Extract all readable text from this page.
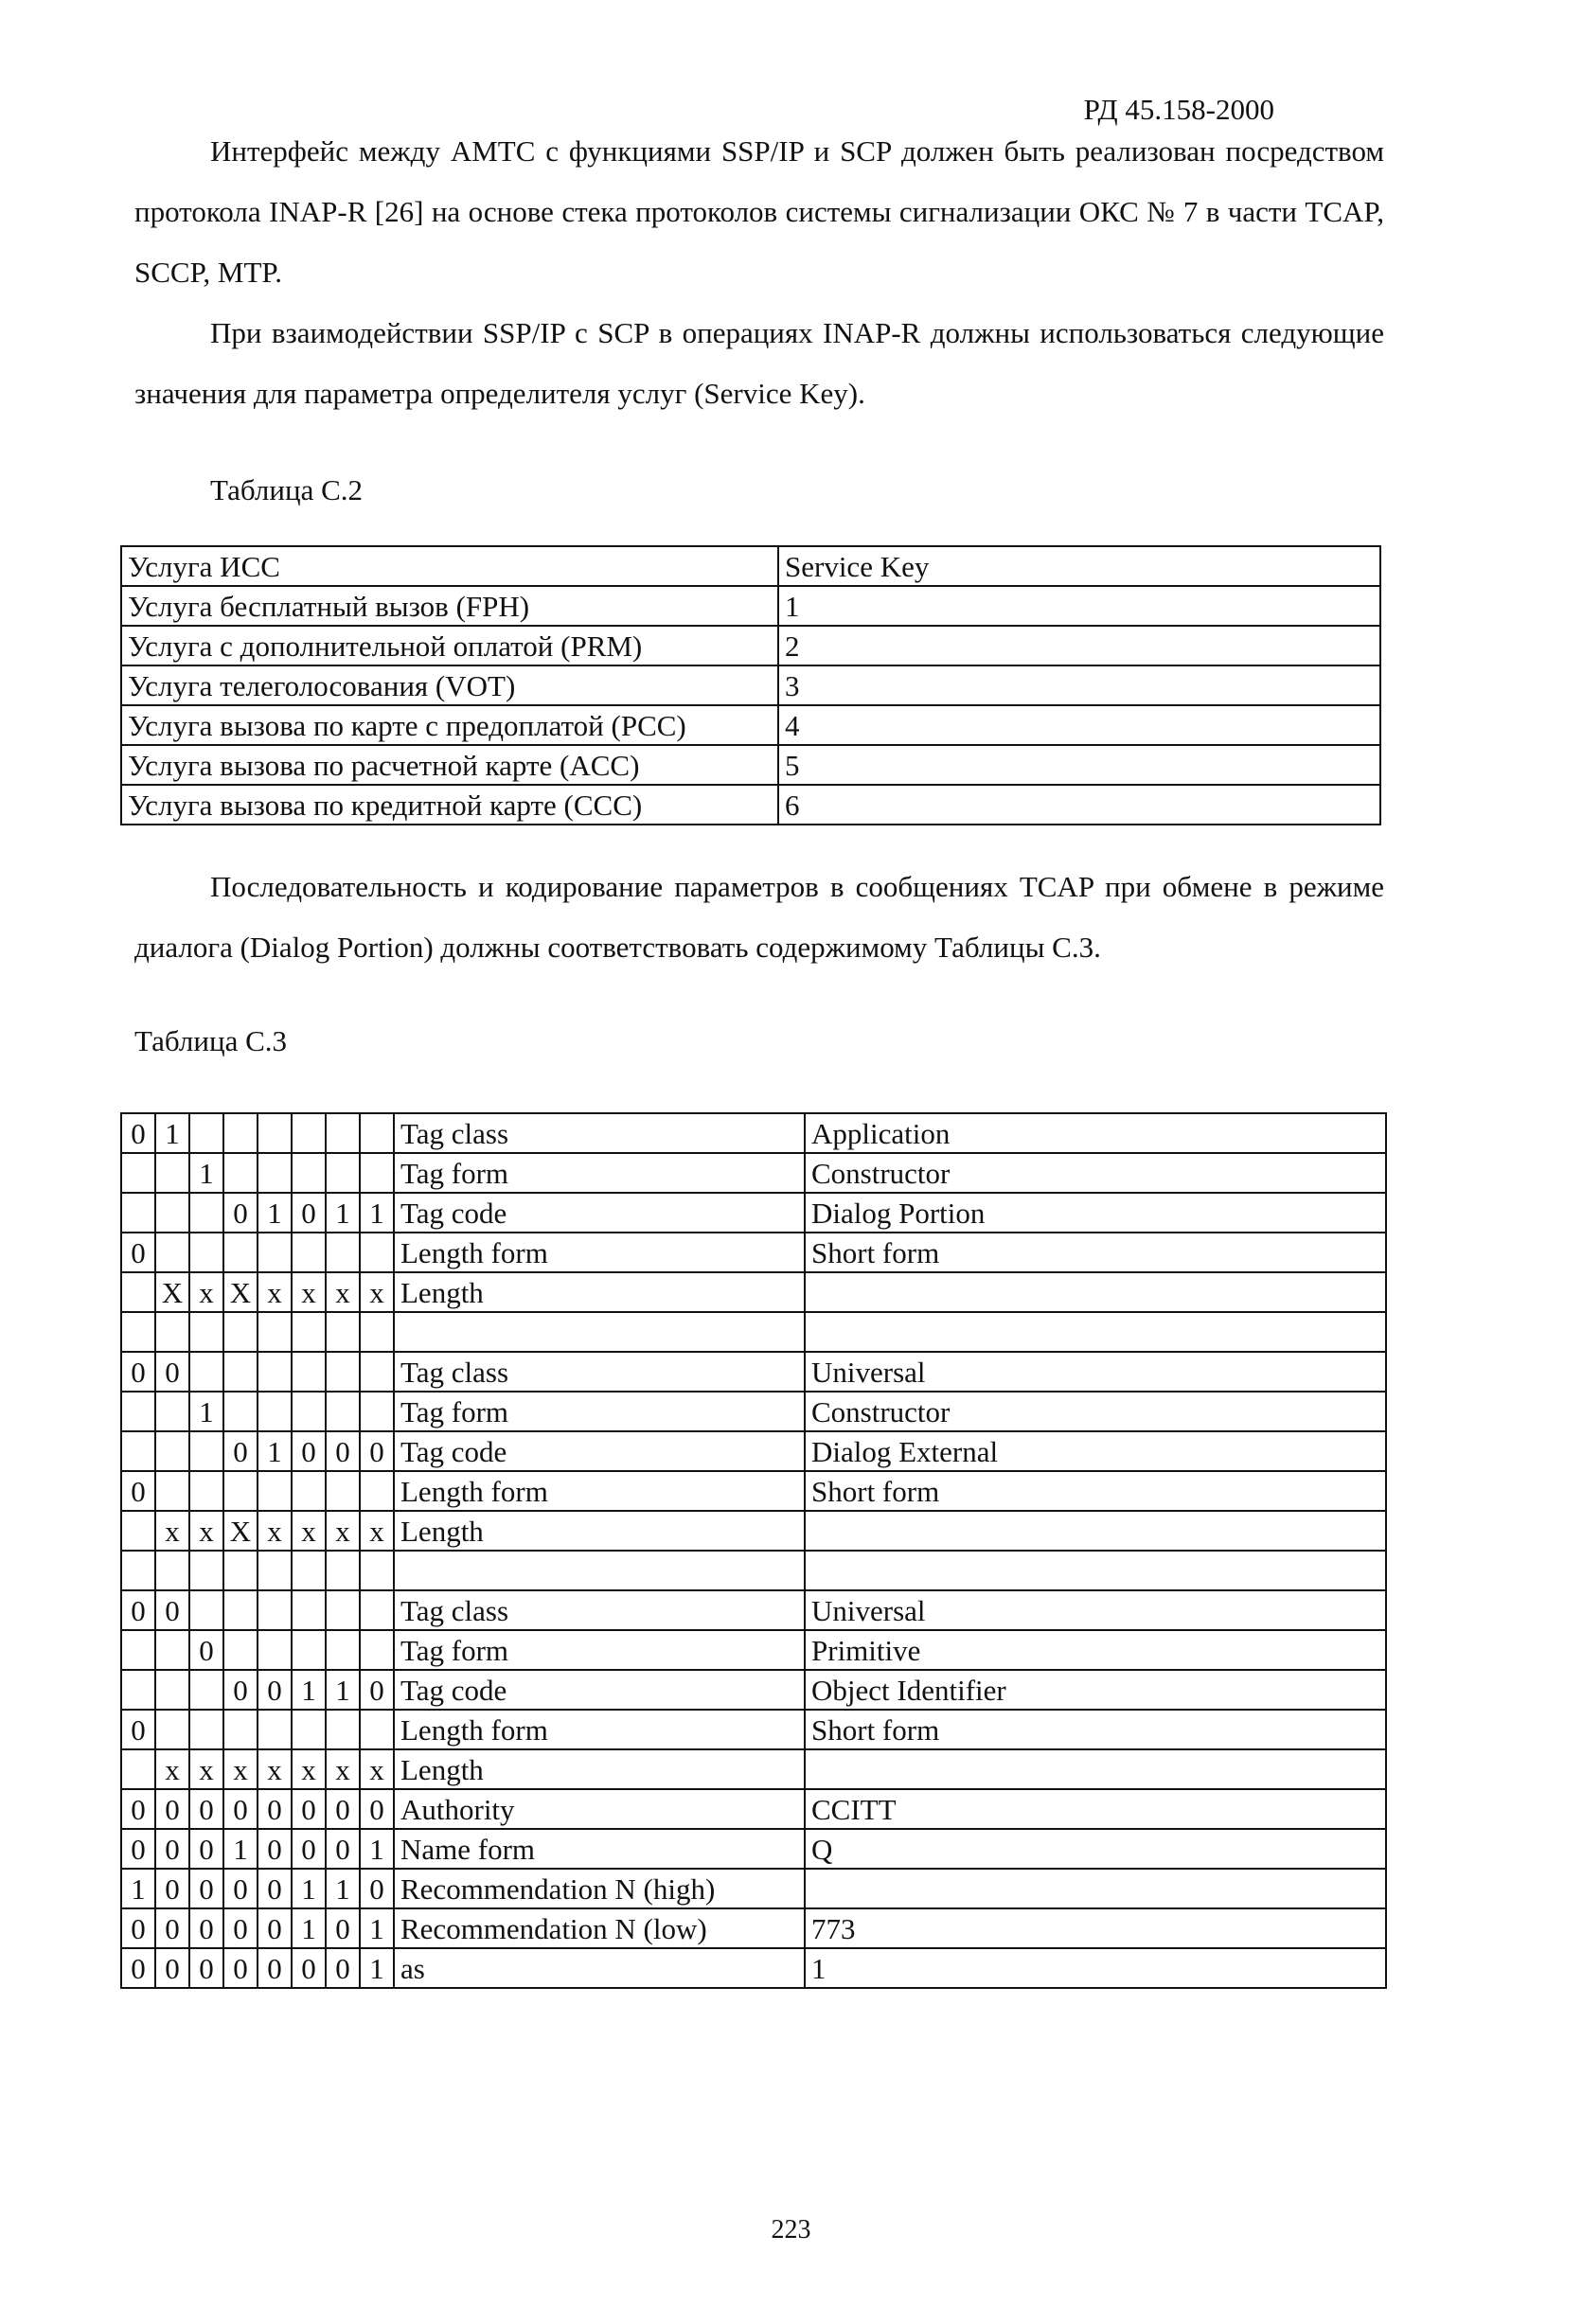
РД 45.158-2000

Интерфейс между АМТС с функциями SSP/IP и SCP должен быть реализован посредством протокола INAP-R [26] на основе стека протоколов системы сигнализации ОКС № 7 в части TCAP, SCCP, MTP.

При взаимодействии SSP/IP с SCP в операциях INAP-R должны использоваться следующие значения для параметра определителя услуг (Service Key).

Таблица С.2

Услуга ИСС	Service Key
Услуга бесплатный вызов (FPH)	1
Услуга с дополнительной оплатой (PRM)	2
Услуга телеголосования (VOT)	3
Услуга вызова по карте с предоплатой (PCC)	4
Услуга вызова по расчетной карте (ACC)	5
Услуга вызова по кредитной карте (CCC)	6

Последовательность и кодирование параметров в сообщениях TCAP при обмене в режиме диалога (Dialog Portion) должны соответствовать содержимому Таблицы С.3.

Таблица С.3

0	1							Tag class	Application
		1						Tag form	Constructor
			0	1	0	1	1	Tag code	Dialog Portion
0								Length form	Short form
	X	x	X	x	x	x	x	Length	

0	0							Tag class	Universal
		1						Tag form	Constructor
			0	1	0	0	0	Tag code	Dialog External
0								Length form	Short form
	x	x	X	x	x	x	x	Length	

0	0							Tag class	Universal
		0						Tag form	Primitive
			0	0	1	1	0	Tag code	Object Identifier
0								Length form	Short form
	x	x	x	x	x	x	x	Length	
0	0	0	0	0	0	0	0	Authority	CCITT
0	0	0	1	0	0	0	1	Name form	Q
1	0	0	0	0	1	1	0	Recommendation N (high)	
0	0	0	0	0	1	0	1	Recommendation N (low)	773
0	0	0	0	0	0	0	1	as	1
223
